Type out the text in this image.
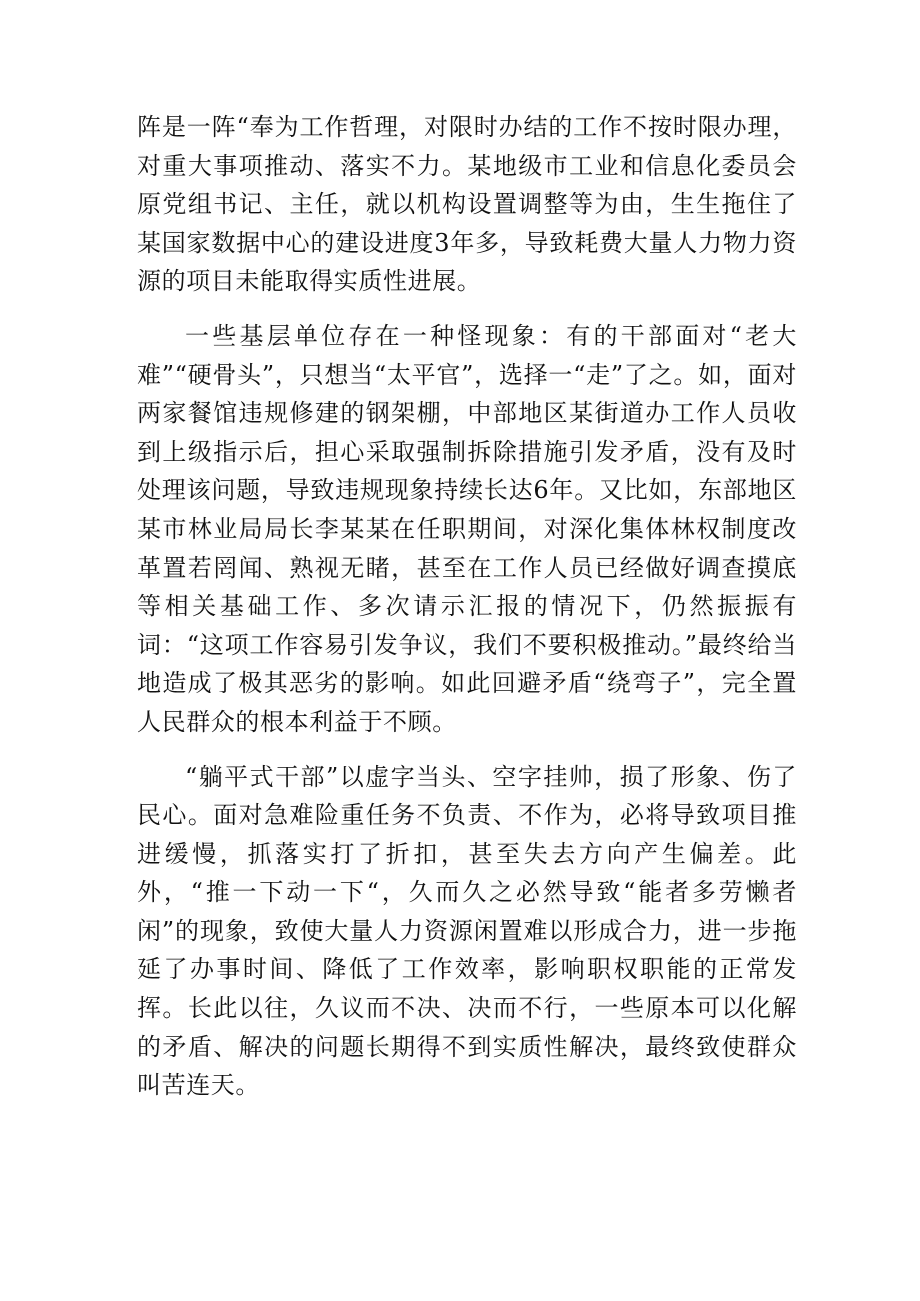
阵是一阵“奉为工作哲理，对限时办结的工作不按时限办理，对重大事项推动、落实不力。某地级市工业和信息化委员会原党组书记、主任，就以机构设置调整等为由，生生拖住了某国家数据中心的建设进度3年多，导致耗费大量人力物力资源的项目未能取得实质性进展。

一些基层单位存在一种怪现象：有的干部面对“老大难”“硬骨头”，只想当“太平官”，选择一“走”了之。如，面对两家餐馆违规修建的钢架棚，中部地区某街道办工作人员收到上级指示后，担心采取强制拆除措施引发矛盾，没有及时处理该问题，导致违规现象持续长达6年。又比如，东部地区某市林业局局长李某某在任职期间，对深化集体林权制度改革置若罔闻、熟视无睹，甚至在工作人员已经做好调查摸底等相关基础工作、多次请示汇报的情况下，仍然振振有词：“这项工作容易引发争议，我们不要积极推动。”最终给当地造成了极其恶劣的影响。如此回避矛盾“绕弯子”，完全置人民群众的根本利益于不顾。

“躺平式干部”以虚字当头、空字挂帅，损了形象、伤了民心。面对急难险重任务不负责、不作为，必将导致项目推进缓慢，抓落实打了折扣，甚至失去方向产生偏差。此外，“推一下动一下“，久而久之必然导致“能者多劳懒者闲”的现象，致使大量人力资源闲置难以形成合力，进一步拖延了办事时间、降低了工作效率，影响职权职能的正常发挥。长此以往，久议而不决、决而不行，一些原本可以化解的矛盾、解决的问题长期得不到实质性解决，最终致使群众叫苦连天。
